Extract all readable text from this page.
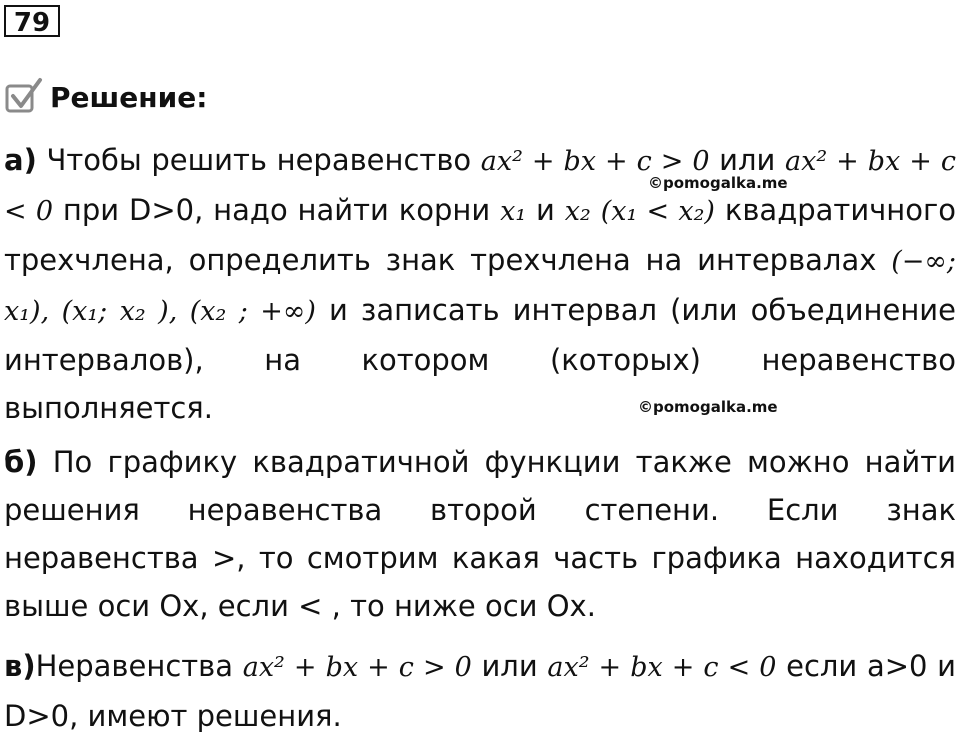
79
Решение:
а) Чтобы решить неравенство ax² + bx + c > 0 или ax² + bx + c < 0 при D>0, надо найти корни x₁ и x₂ (x₁ < x₂) квадратичного трехчлена, определить знак трехчлена на интервалах (−∞; x₁), (x₁; x₂ ), (x₂ ; +∞) и записать интервал (или объединение интервалов), на котором (которых) неравенство выполняется.
©pomogalka.me
©pomogalka.me
б) По графику квадратичной функции также можно найти решения неравенства второй степени. Если знак неравенства >, то смотрим какая часть графика находится выше оси Ох, если < , то ниже оси Ох.
в)Неравенства ax² + bx + c > 0 или ax² + bx + c < 0 если а>0 и D>0, имеют решения.
